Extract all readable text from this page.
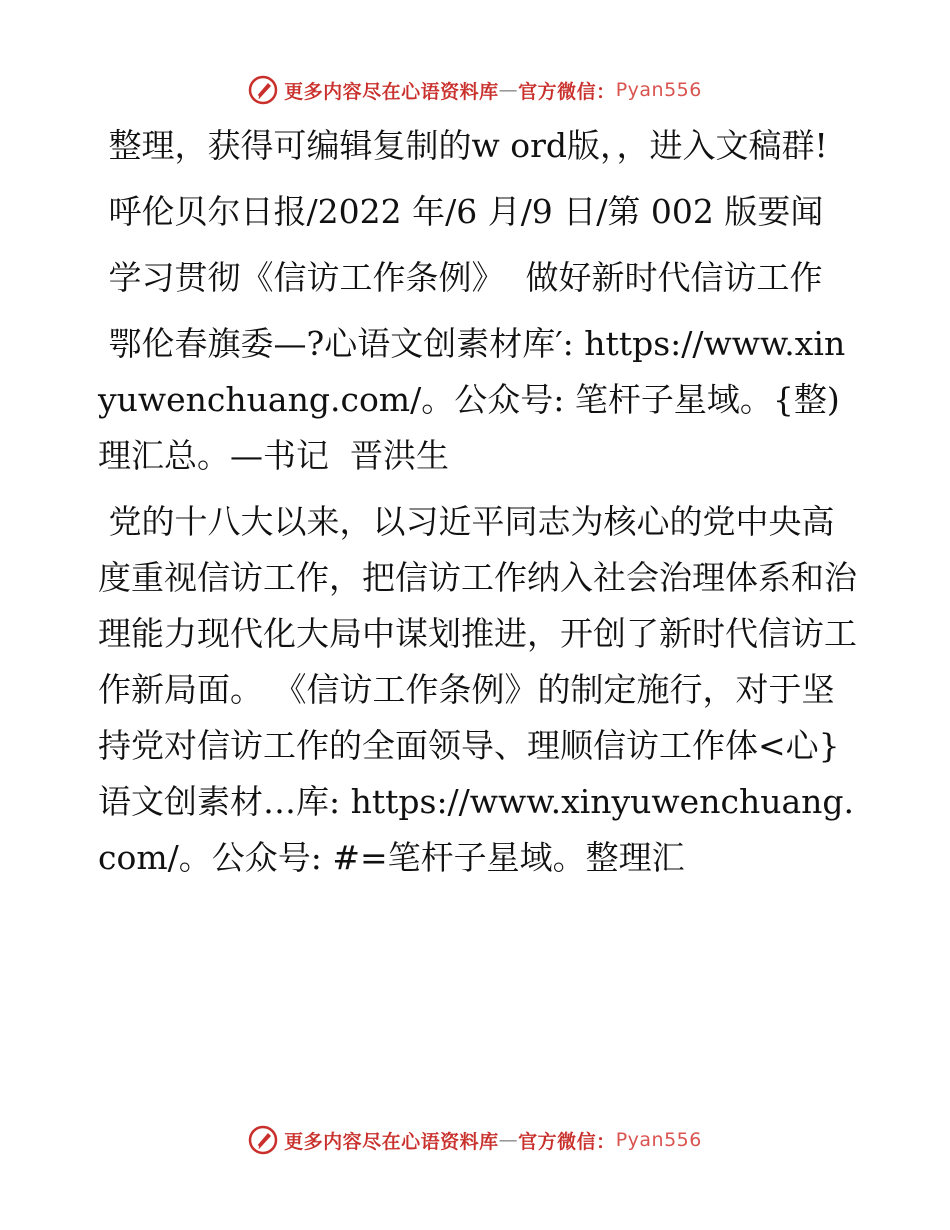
更多内容尽在心语资料库 — 官方微信： Pyan556

整理，获得可编辑复制的w ord版，，进入文稿群!

呼伦贝尔日报/2022 年/6 月/9 日/第 002 版要闻

学习贯彻《信访工作条例》  做好新时代信访工作

鄂伦春旗委—?心语文创素材库′: https://www.xinyuwenchuang.com/。公众号: 笔杆子星域。{整)理汇总。—书记  晋洪生

党的十八大以来，以习近平同志为核心的党中央高度重视信访工作，把信访工作纳入社会治理体系和治理能力现代化大局中谋划推进，开创了新时代信访工作新局面。 《信访工作条例》的制定施行，对于坚持党对信访工作的全面领导、理顺信访工作体<心}语文创素材…库: https://www.xinyuwenchuang.com/。公众号: #=笔杆子星域。整理汇

更多内容尽在心语资料库 — 官方微信： Pyan556
